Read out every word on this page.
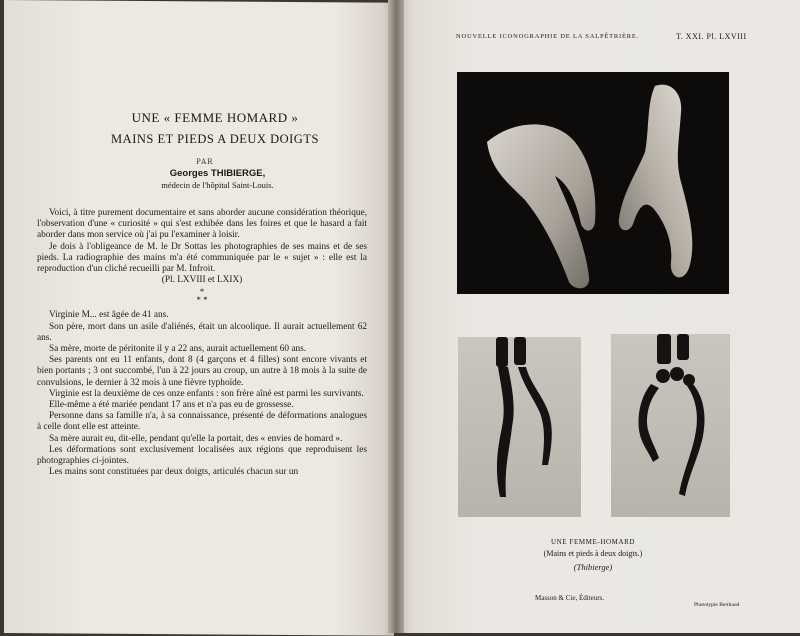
UNE « FEMME HOMARD »
MAINS ET PIEDS A DEUX DOIGTS
PAR
Georges THIBIERGE,
médecin de l'hôpital Saint-Louis.

Voici, à titre purement documentaire et sans aborder aucune considération théorique, l'observation d'une « curiosité » qui s'est exhibée dans les foires et que le hasard a fait aborder dans mon service où j'ai pu l'examiner à loisir.

Je dois à l'obligeance de M. le Dr Sottas les photographies de ses mains et de ses pieds. La radiographie des mains m'a été communiquée par le « sujet » : elle est la reproduction d'un cliché recueilli par M. Infroit.

(Pl. LXVIII et LXIX)

*
* *

Virginie M... est âgée de 41 ans.

Son père, mort dans un asile d'aliénés, était un alcoolique. Il aurait actuellement 62 ans.

Sa mère, morte de péritonite il y a 22 ans, aurait actuellement 60 ans.

Ses parents ont eu 11 enfants, dont 8 (4 garçons et 4 filles) sont encore vivants et bien portants ; 3 ont succombé, l'un à 22 jours au croup, un autre à 18 mois à la suite de convulsions, le dernier à 32 mois à une fièvre typhoïde.

Virginie est la deuxième de ces onze enfants : son frère aîné est parmi les survivants.

Elle-même a été mariée pendant 17 ans et n'a pas eu de grossesse.

Personne dans sa famille n'a, à sa connaissance, présenté de déformations analogues à celle dont elle est atteinte.

Sa mère aurait eu, dit-elle, pendant qu'elle la portait, des « envies de homard ».

Les déformations sont exclusivement localisées aux régions que reproduisent les photographies ci-jointes.

Les mains sont constituées par deux doigts, articulés chacun sur un

NOUVELLE ICONOGRAPHIE DE LA SALPÊTRIÈRE.	T. XXI. Pl. LXVIII
UNE FEMME-HOMARD
(Mains et pieds à deux doigts.)
(Thibierge)
Masson & Cie, Éditeurs.
Phototypie Berthaud
